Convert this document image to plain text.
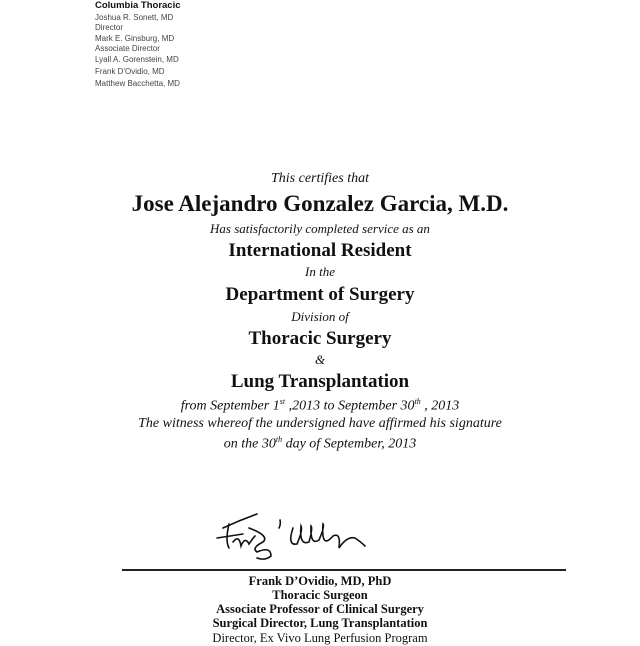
Columbia Thoracic
Joshua R. Sonett, MD
Director
Mark E. Ginsburg, MD
Associate Director
Lyall A. Gorenstein, MD
Frank D'Ovidio, MD
Matthew Bacchetta, MD
This certifies that
Jose Alejandro Gonzalez Garcia, M.D.
Has satisfactorily completed service as an
International Resident
In the
Department of Surgery
Division of
Thoracic Surgery
&
Lung Transplantation
from September 1st ,2013 to September 30th , 2013
The witness whereof the undersigned have affirmed his signature
on the 30th day of September, 2013
Frank D’Ovidio, MD, PhD
Thoracic Surgeon
Associate Professor of Clinical Surgery
Surgical Director, Lung Transplantation
Director, Ex Vivo Lung Perfusion Program
